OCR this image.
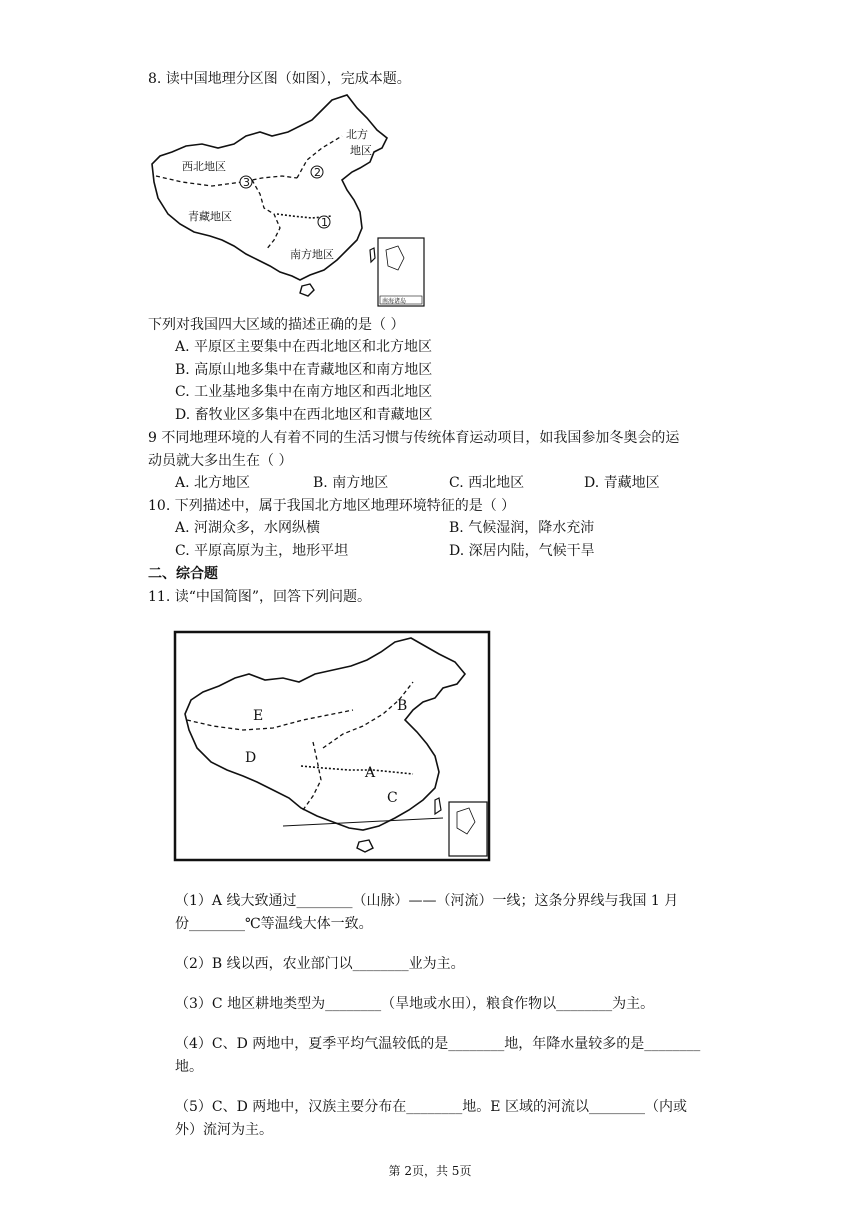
8. 读中国地理分区图（如图），完成本题。
北方
地区
西北地区
青藏地区
南方地区
3
2
1
南海诸岛
下列对我国四大区域的描述正确的是（ ）
A. 平原区主要集中在西北地区和北方地区
B. 高原山地多集中在青藏地区和南方地区
C. 工业基地多集中在南方地区和西北地区
D. 畜牧业区多集中在西北地区和青藏地区
9 不同地理环境的人有着不同的生活习惯与传统体育运动项目，如我国参加冬奥会的运
动员就大多出生在（ ）
A. 北方地区	B. 南方地区	C. 西北地区	D. 青藏地区
10. 下列描述中，属于我国北方地区地理环境特征的是（ ）
A. 河湖众多，水网纵横	B. 气候湿润，降水充沛
C. 平原高原为主，地形平坦	D. 深居内陆，气候干旱
二、综合题
11. 读“中国简图”，回答下列问题。
E
B
D
A
C
（1）A 线大致通过________（山脉）——（河流）一线；这条分界线与我国 1 月
份________℃等温线大体一致。
（2）B 线以西，农业部门以________业为主。
（3）C 地区耕地类型为________（旱地或水田），粮食作物以________为主。
（4）C、D 两地中，夏季平均气温较低的是________地，年降水量较多的是________
地。
（5）C、D 两地中，汉族主要分布在________地。E 区域的河流以________（内或
外）流河为主。
第 2页，共 5页
